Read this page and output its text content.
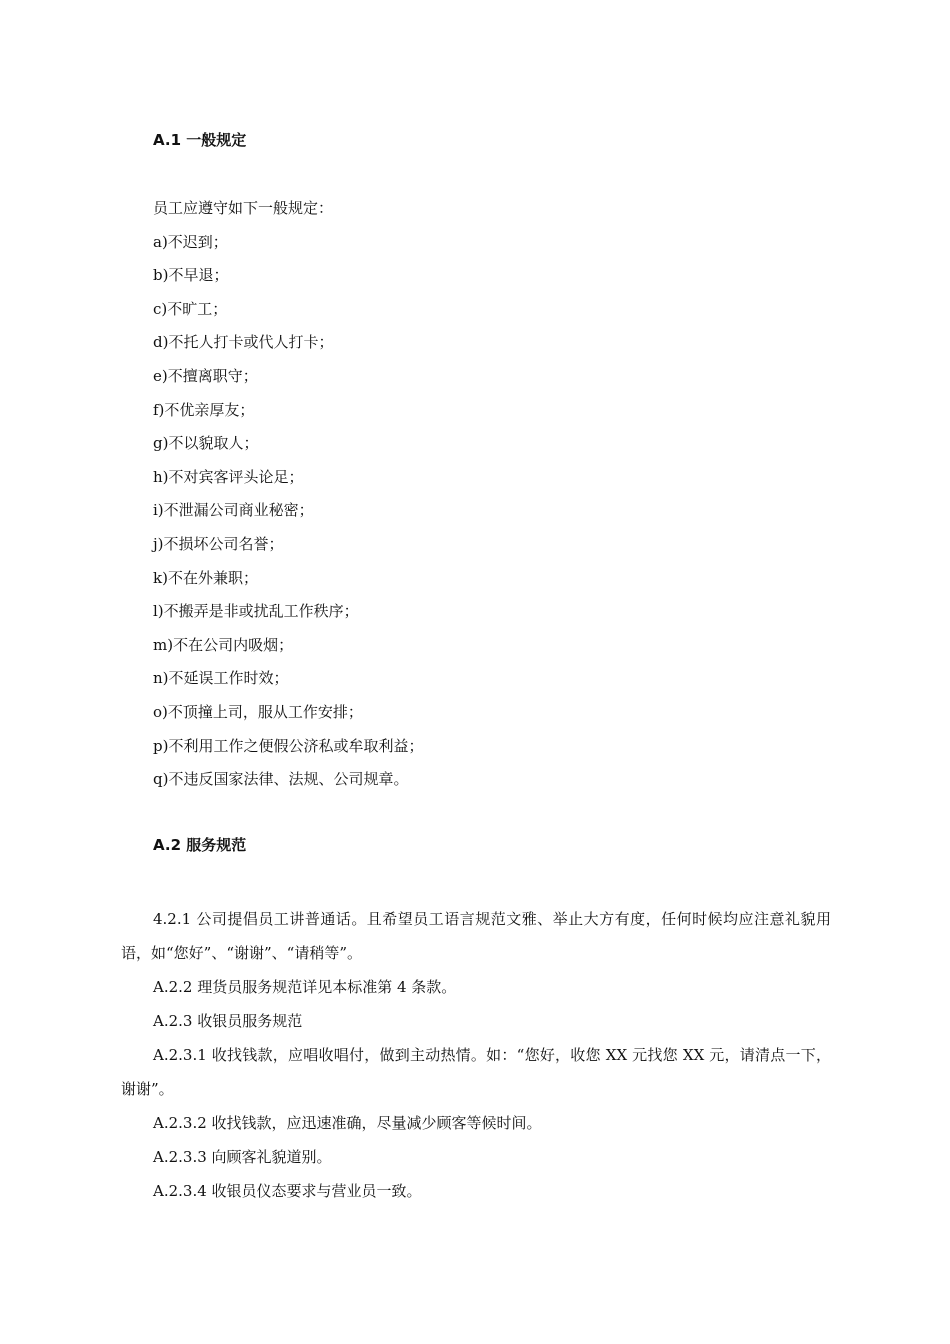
A.1 一般规定

员工应遵守如下一般规定：

a)不迟到；

b)不早退；

c)不旷工；

d)不托人打卡或代人打卡；

e)不擅离职守；

f)不优亲厚友；

g)不以貌取人；

h)不对宾客评头论足；

i)不泄漏公司商业秘密；

j)不损坏公司名誉；

k)不在外兼职；

l)不搬弄是非或扰乱工作秩序；

m)不在公司内吸烟；

n)不延误工作时效；

o)不顶撞上司，服从工作安排；

p)不利用工作之便假公济私或牟取利益；

q)不违反国家法律、法规、公司规章。

A.2 服务规范

4.2.1 公司提倡员工讲普通话。且希望员工语言规范文雅、举止大方有度，任何时候均应注意礼貌用语，如“您好”、“谢谢”、“请稍等”。

A.2.2 理货员服务规范详见本标准第 4 条款。

A.2.3 收银员服务规范

A.2.3.1 收找钱款，应唱收唱付，做到主动热情。如：“您好，收您 XX 元找您 XX 元，请清点一下，谢谢”。

A.2.3.2 收找钱款，应迅速准确，尽量减少顾客等候时间。

A.2.3.3 向顾客礼貌道别。

A.2.3.4 收银员仪态要求与营业员一致。
